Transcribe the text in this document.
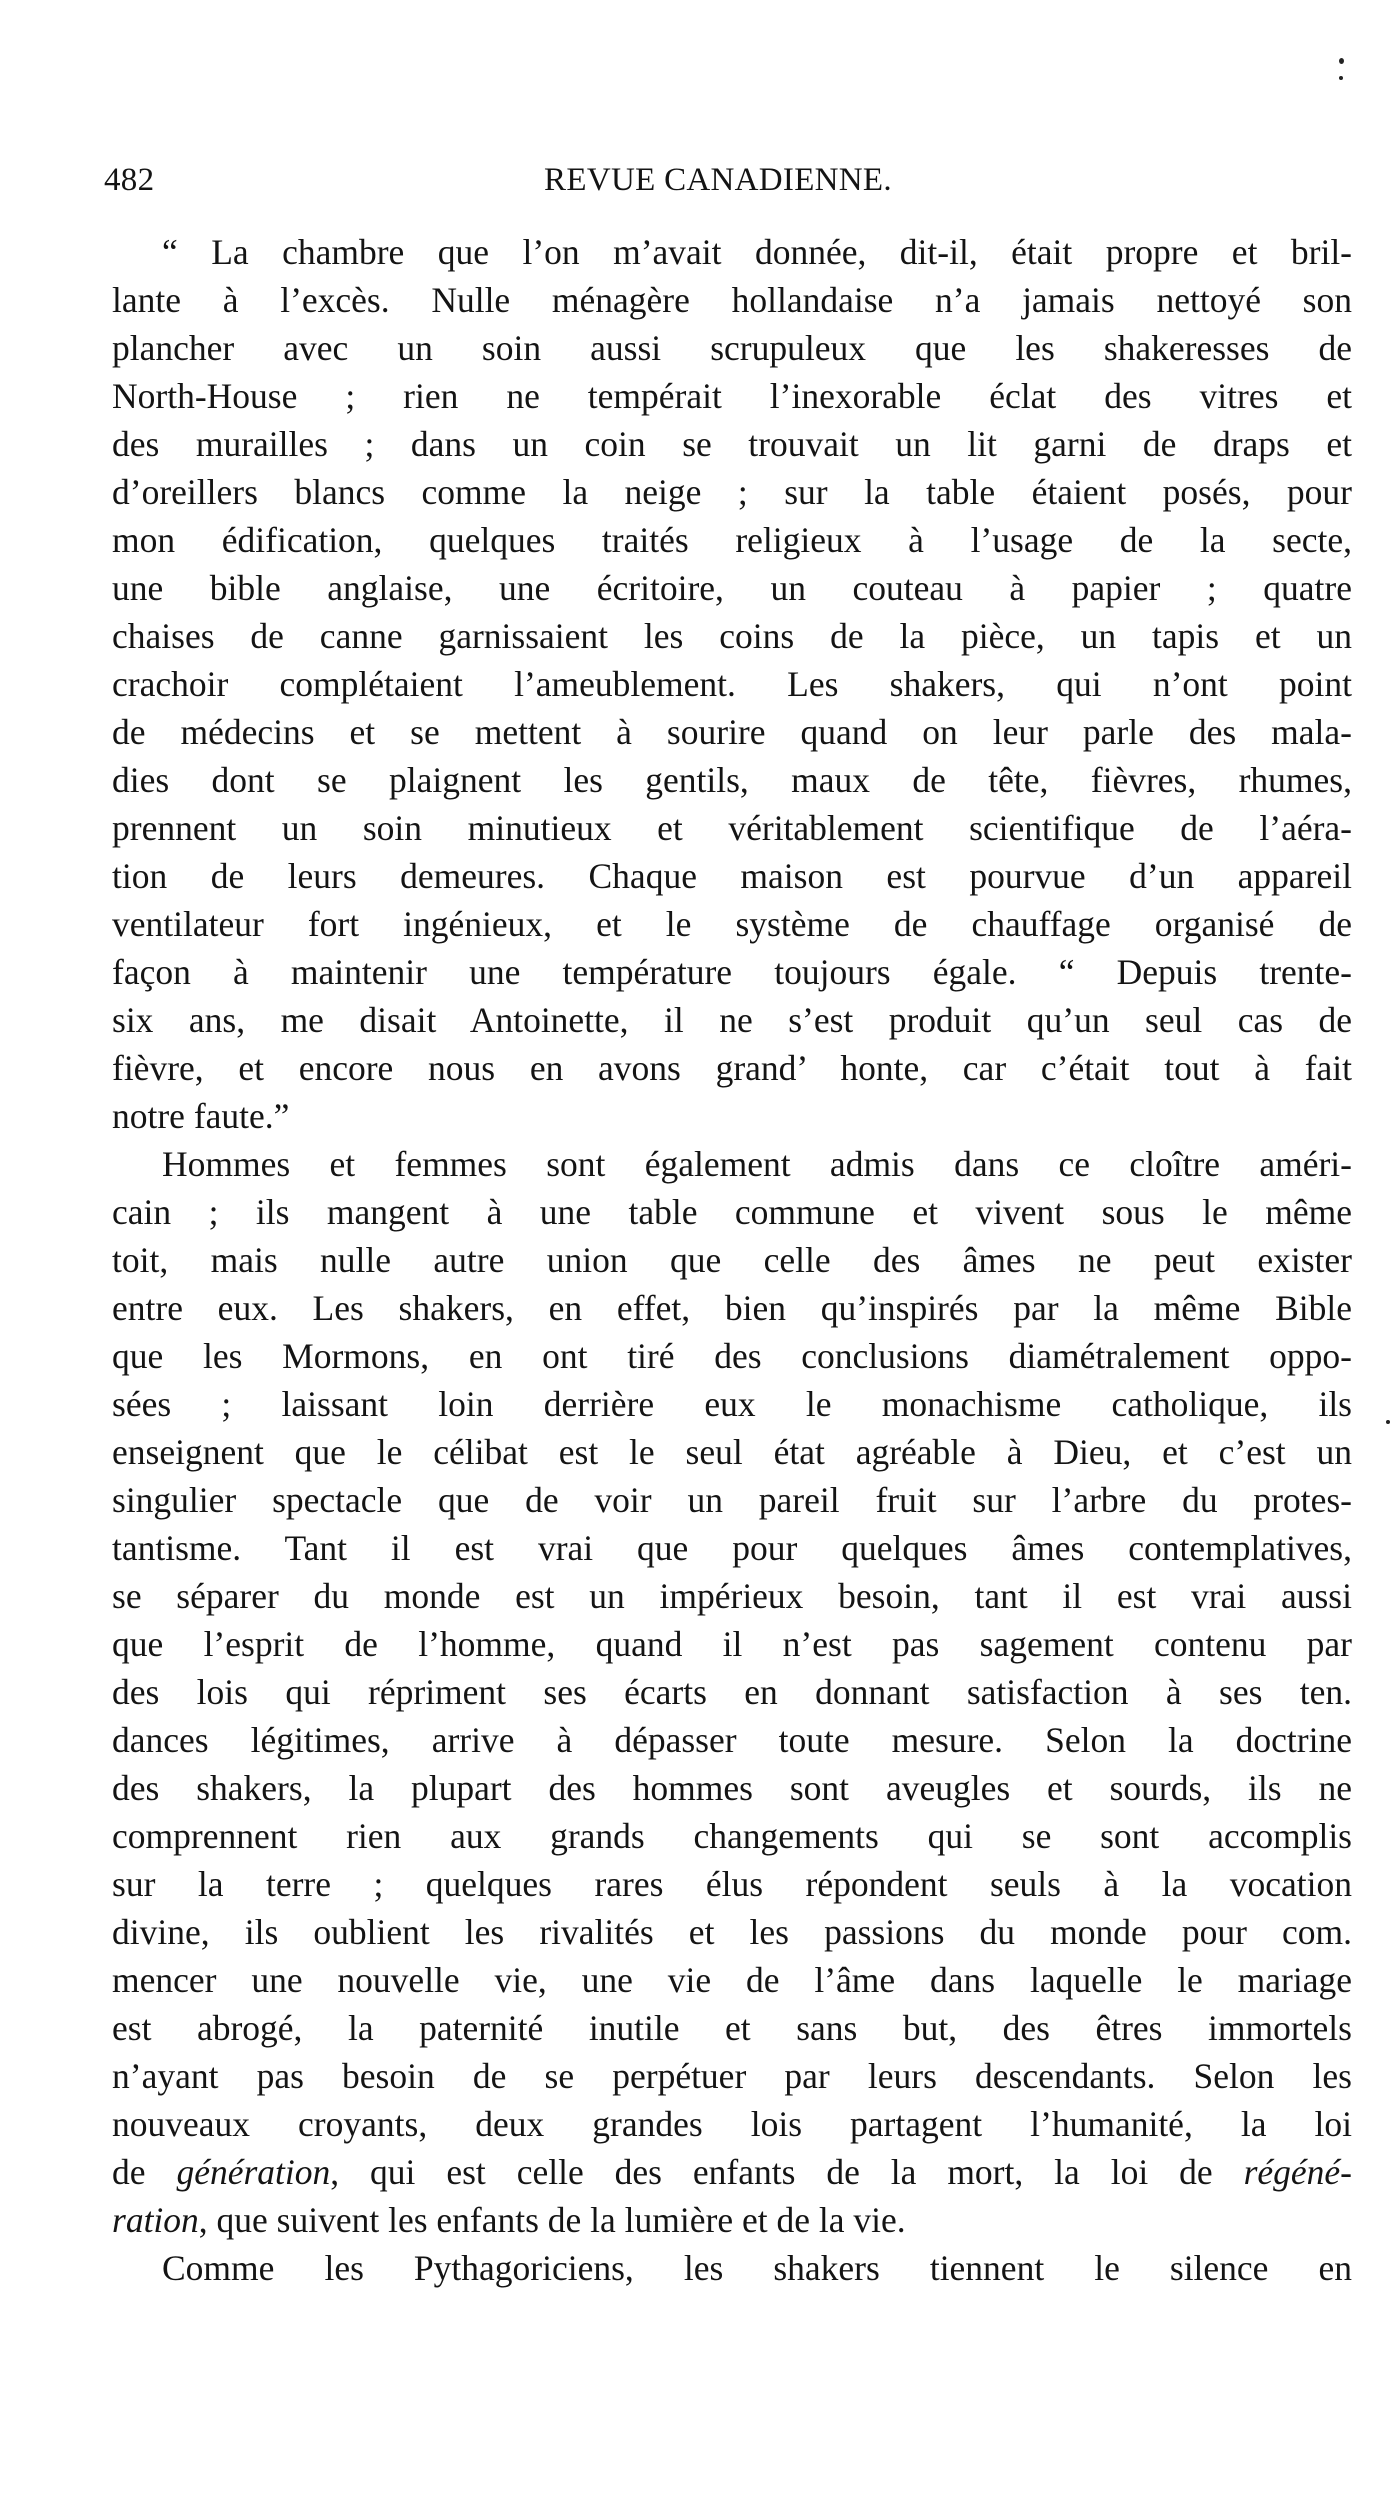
482	REVUE CANADIENNE.
“ La chambre que l’on m’avait donnée, dit-il, était propre et bril-
lante à l’excès. Nulle ménagère hollandaise n’a jamais nettoyé son
plancher avec un soin aussi scrupuleux que les shakeresses de
North-House ; rien ne tempérait l’inexorable éclat des vitres et
des murailles ; dans un coin se trouvait un lit garni de draps et
d’oreillers blancs comme la neige ; sur la table étaient posés, pour
mon édification, quelques traités religieux à l’usage de la secte,
une bible anglaise, une écritoire, un couteau à papier ; quatre
chaises de canne garnissaient les coins de la pièce, un tapis et un
crachoir complétaient l’ameublement. Les shakers, qui n’ont point
de médecins et se mettent à sourire quand on leur parle des mala-
dies dont se plaignent les gentils, maux de tête, fièvres, rhumes,
prennent un soin minutieux et véritablement scientifique de l’aéra-
tion de leurs demeures. Chaque maison est pourvue d’un appareil
ventilateur fort ingénieux, et le système de chauffage organisé de
façon à maintenir une température toujours égale. “ Depuis trente-
six ans, me disait Antoinette, il ne s’est produit qu’un seul cas de
fièvre, et encore nous en avons grand’ honte, car c’était tout à fait
notre faute.”
Hommes et femmes sont également admis dans ce cloître améri-
cain ; ils mangent à une table commune et vivent sous le même
toit, mais nulle autre union que celle des âmes ne peut exister
entre eux. Les shakers, en effet, bien qu’inspirés par la même Bible
que les Mormons, en ont tiré des conclusions diamétralement oppo-
sées ; laissant loin derrière eux le monachisme catholique, ils
enseignent que le célibat est le seul état agréable à Dieu, et c’est un
singulier spectacle que de voir un pareil fruit sur l’arbre du protes-
tantisme. Tant il est vrai que pour quelques âmes contemplatives,
se séparer du monde est un impérieux besoin, tant il est vrai aussi
que l’esprit de l’homme, quand il n’est pas sagement contenu par
des lois qui répriment ses écarts en donnant satisfaction à ses ten.
dances légitimes, arrive à dépasser toute mesure. Selon la doctrine
des shakers, la plupart des hommes sont aveugles et sourds, ils ne
comprennent rien aux grands changements qui se sont accomplis
sur la terre ; quelques rares élus répondent seuls à la vocation
divine, ils oublient les rivalités et les passions du monde pour com.
mencer une nouvelle vie, une vie de l’âme dans laquelle le mariage
est abrogé, la paternité inutile et sans but, des êtres immortels
n’ayant pas besoin de se perpétuer par leurs descendants. Selon les
nouveaux croyants, deux grandes lois partagent l’humanité, la loi
de génération, qui est celle des enfants de la mort, la loi de régéné-
ration, que suivent les enfants de la lumière et de la vie.
Comme les Pythagoriciens, les shakers tiennent le silence en
